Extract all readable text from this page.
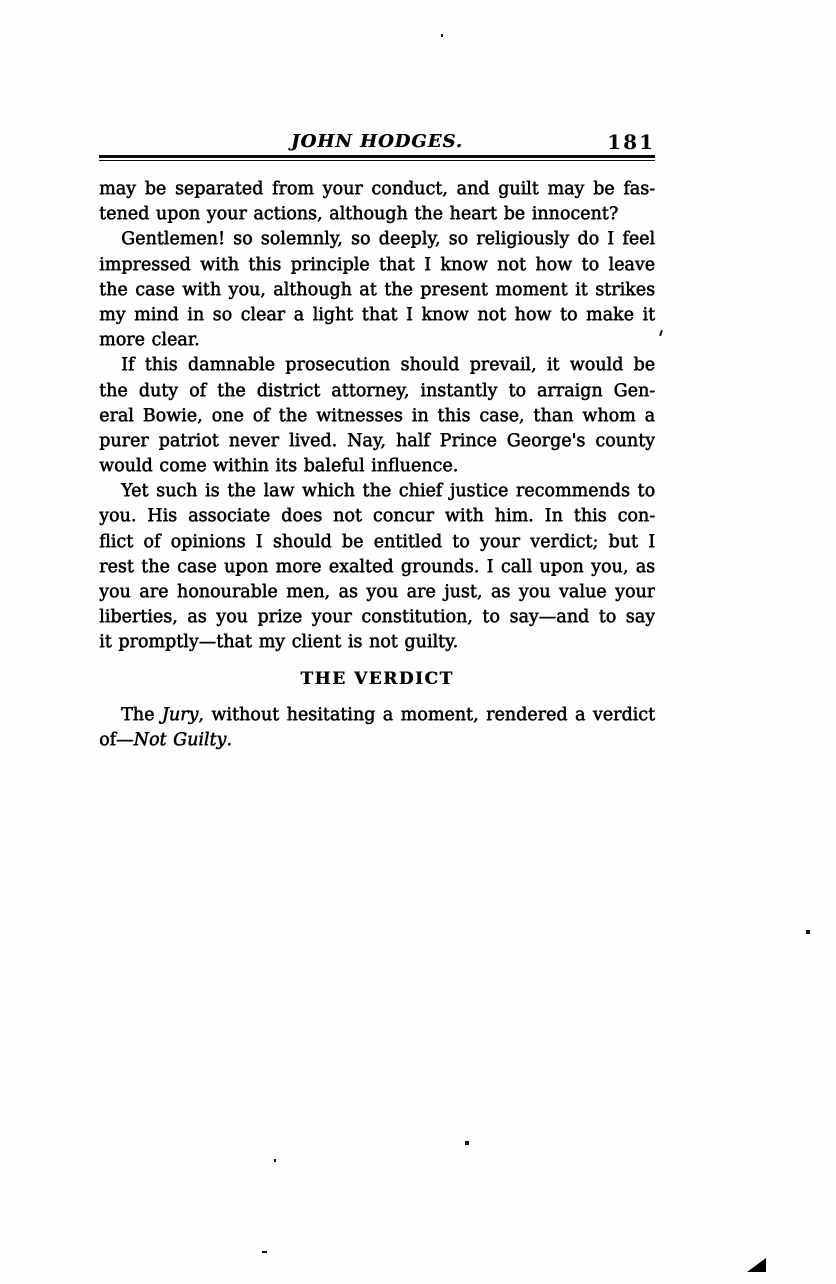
JOHN HODGES.	181
may be separated from your conduct, and guilt may be fas-
tened upon your actions, although the heart be innocent?
Gentlemen! so solemnly, so deeply, so religiously do I feel
impressed with this principle that I know not how to leave
the case with you, although at the present moment it strikes
my mind in so clear a light that I know not how to make it
more clear.
If this damnable prosecution should prevail, it would be
the duty of the district attorney, instantly to arraign Gen-
eral Bowie, one of the witnesses in this case, than whom a
purer patriot never lived. Nay, half Prince George's county
would come within its baleful influence.
Yet such is the law which the chief justice recommends to
you. His associate does not concur with him. In this con-
flict of opinions I should be entitled to your verdict; but I
rest the case upon more exalted grounds. I call upon you, as
you are honourable men, as you are just, as you value your
liberties, as you prize your constitution, to say—and to say
it promptly—that my client is not guilty.
THE VERDICT
The Jury, without hesitating a moment, rendered a verdict
of—Not Guilty.
